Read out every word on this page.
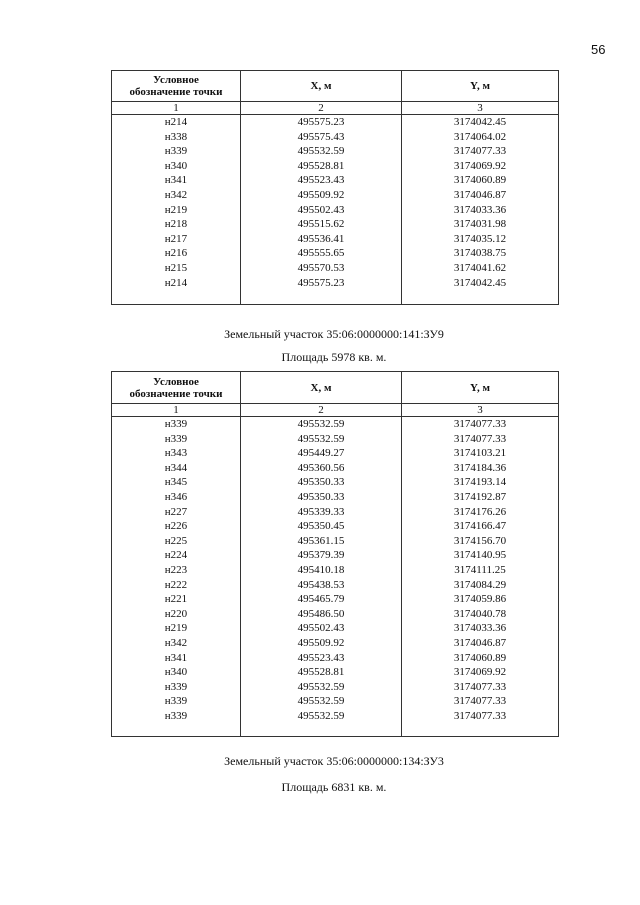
56
Условное
обозначение точки	X, м	Y, м
1	2	3
н214	495575.23	3174042.45
н338	495575.43	3174064.02
н339	495532.59	3174077.33
н340	495528.81	3174069.92
н341	495523.43	3174060.89
н342	495509.92	3174046.87
н219	495502.43	3174033.36
н218	495515.62	3174031.98
н217	495536.41	3174035.12
н216	495555.65	3174038.75
н215	495570.53	3174041.62
н214	495575.23	3174042.45

Земельный участок 35:06:0000000:141:ЗУ9
Площадь 5978 кв. м.
Условное
обозначение точки	X, м	Y, м
1	2	3
н339	495532.59	3174077.33
н339	495532.59	3174077.33
н343	495449.27	3174103.21
н344	495360.56	3174184.36
н345	495350.33	3174193.14
н346	495350.33	3174192.87
н227	495339.33	3174176.26
н226	495350.45	3174166.47
н225	495361.15	3174156.70
н224	495379.39	3174140.95
н223	495410.18	3174111.25
н222	495438.53	3174084.29
н221	495465.79	3174059.86
н220	495486.50	3174040.78
н219	495502.43	3174033.36
н342	495509.92	3174046.87
н341	495523.43	3174060.89
н340	495528.81	3174069.92
н339	495532.59	3174077.33
н339	495532.59	3174077.33
н339	495532.59	3174077.33

Земельный участок 35:06:0000000:134:ЗУ3
Площадь 6831 кв. м.
